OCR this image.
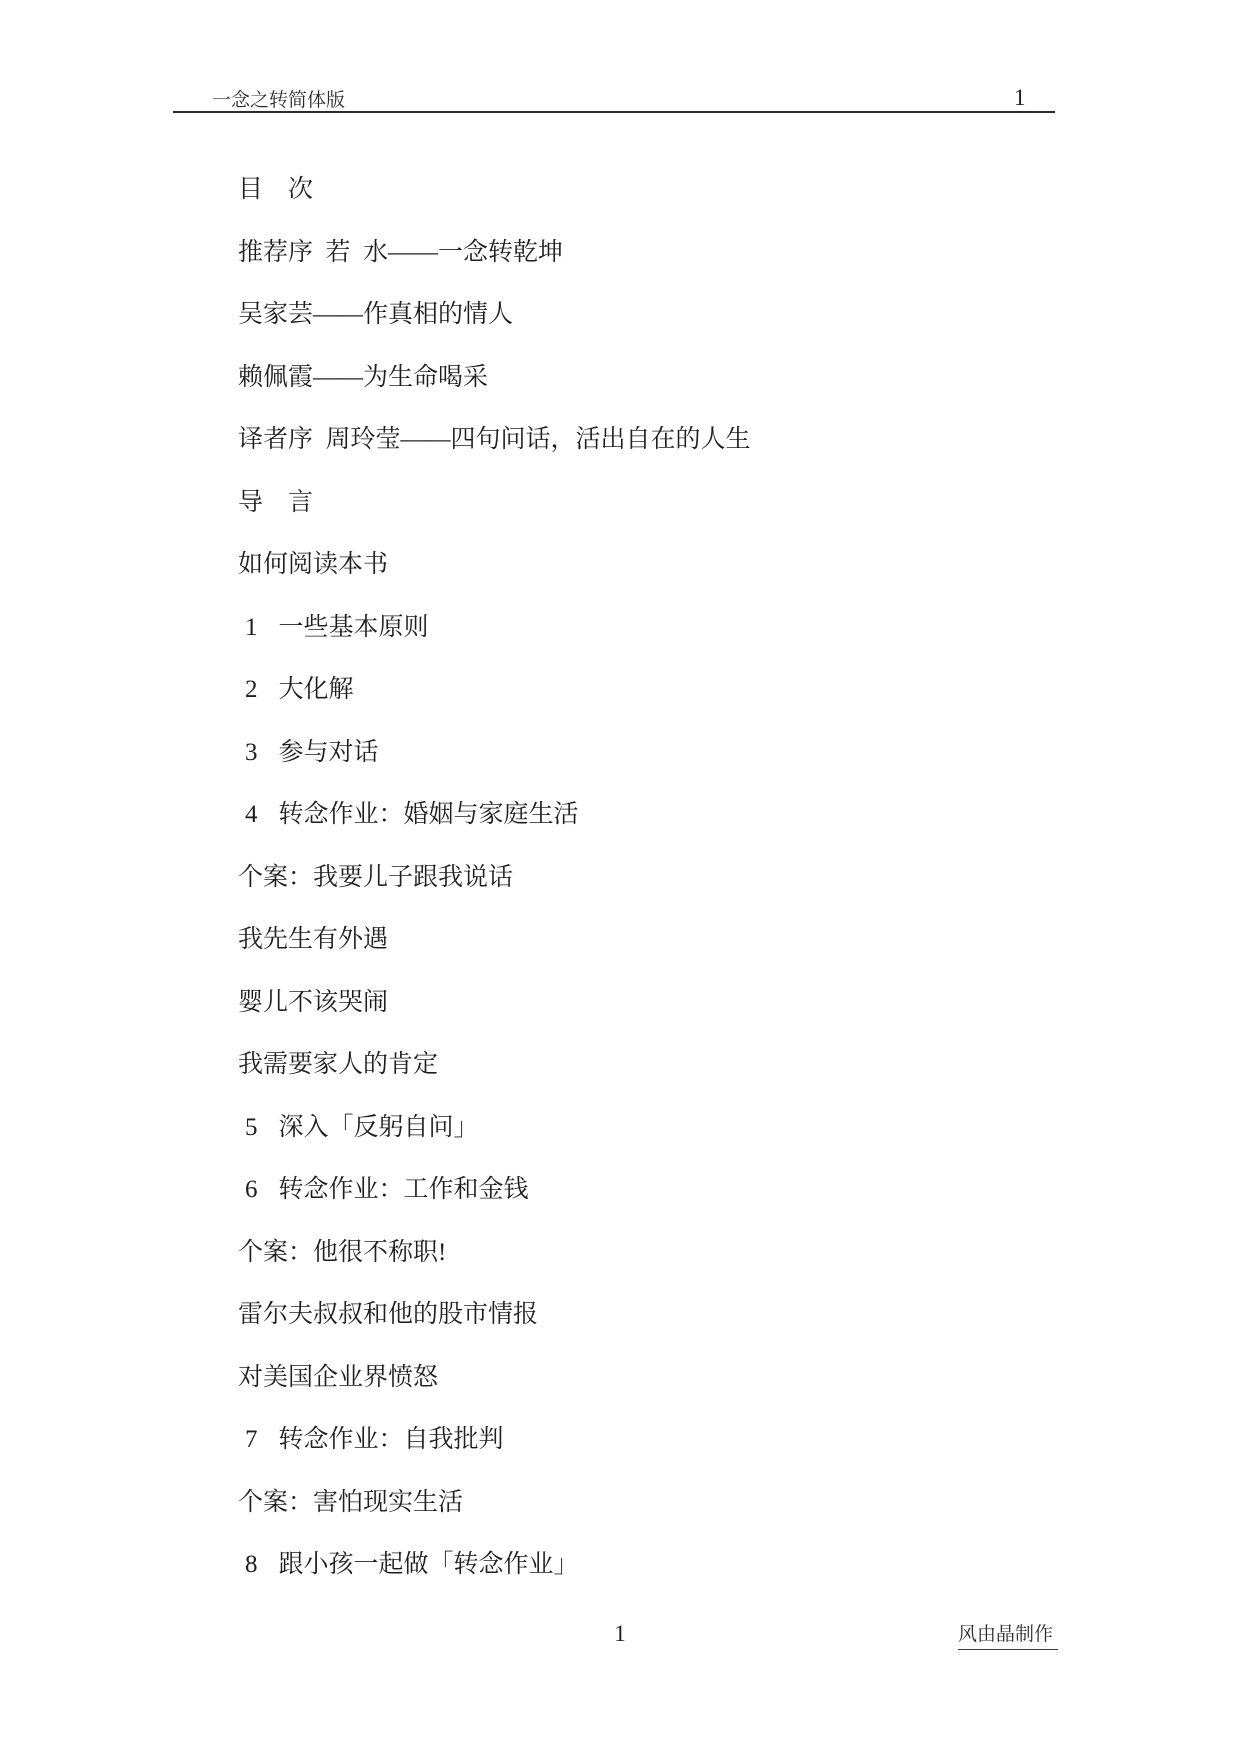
一念之转简体版	1
目    次
推荐序  若  水――一念转乾坤
吴家芸――作真相的情人
赖佩霞――为生命喝采
译者序  周玲莹――四句问话，活出自在的人生
导    言
如何阅读本书
1 一些基本原则
2 大化解
3 参与对话
4 转念作业：婚姻与家庭生活
个案：我要儿子跟我说话
我先生有外遇
婴儿不该哭闹
我需要家人的肯定
5 深入「反躬自问」
6 转念作业：工作和金钱
个案：他很不称职!
雷尔夫叔叔和他的股市情报
对美国企业界愤怒
7 转念作业：自我批判
个案：害怕现实生活
8 跟小孩一起做「转念作业」
1	风由晶制作
